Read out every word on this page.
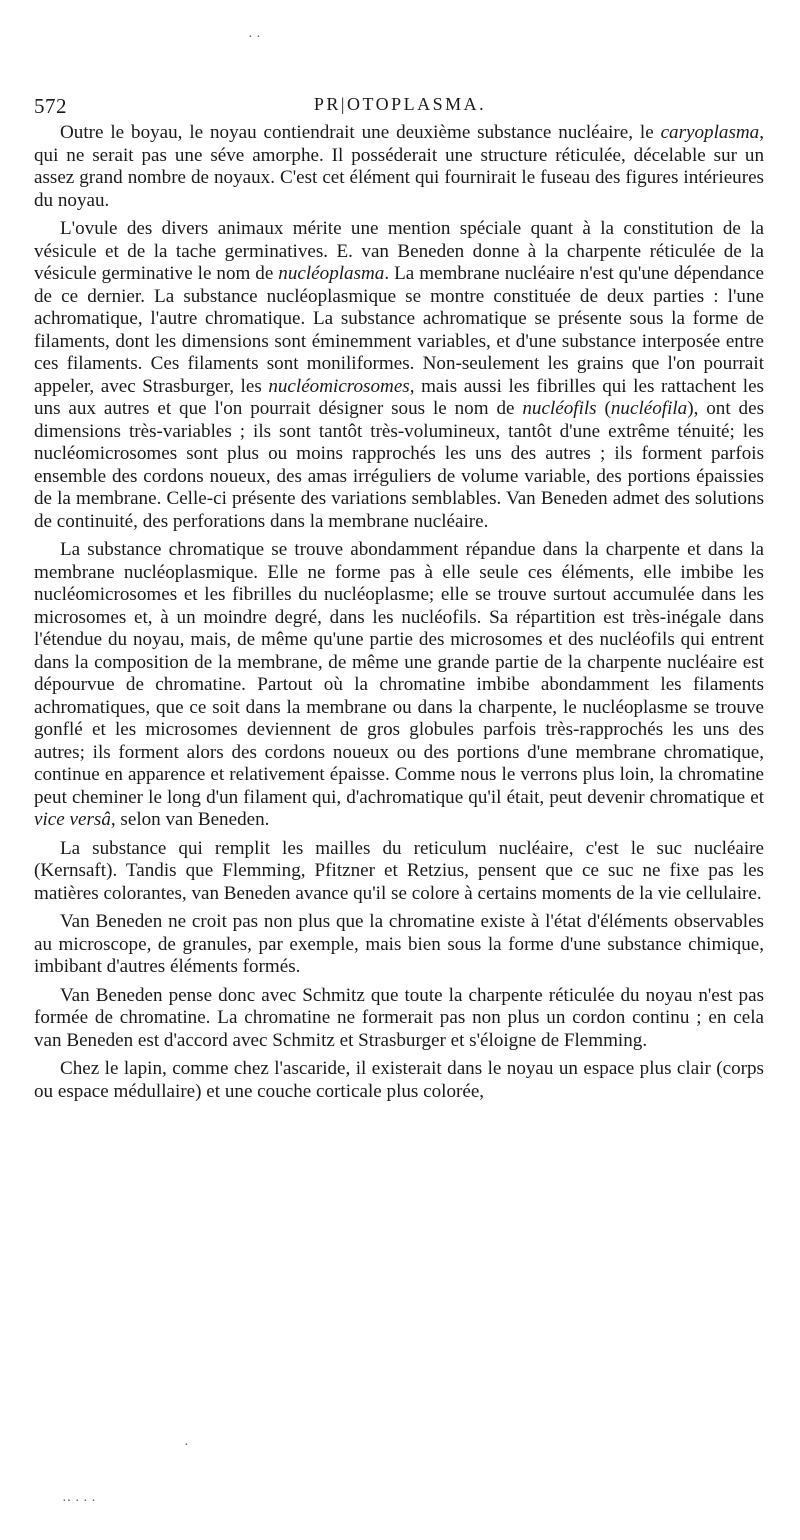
· ·
572	PR|OTOPLASMA.

Outre le boyau, le noyau contiendrait une deuxième substance nucléaire, le caryoplasma, qui ne serait pas une séve amorphe. Il posséderait une structure réticulée, décelable sur un assez grand nombre de noyaux. C'est cet élément qui fournirait le fuseau des figures intérieures du noyau.

L'ovule des divers animaux mérite une mention spéciale quant à la constitution de la vésicule et de la tache germinatives. E. van Beneden donne à la charpente réticulée de la vésicule germinative le nom de nucléoplasma. La membrane nucléaire n'est qu'une dépendance de ce dernier. La substance nucléoplasmique se montre constituée de deux parties : l'une achromatique, l'autre chromatique. La substance achromatique se présente sous la forme de filaments, dont les dimensions sont éminemment variables, et d'une substance interposée entre ces filaments. Ces filaments sont moniliformes. Non-seulement les grains que l'on pourrait appeler, avec Strasburger, les nucléomicrosomes, mais aussi les fibrilles qui les rattachent les uns aux autres et que l'on pourrait désigner sous le nom de nucléofils (nucléofila), ont des dimensions très-variables ; ils sont tantôt très-volumineux, tantôt d'une extrême ténuité; les nucléomicrosomes sont plus ou moins rapprochés les uns des autres ; ils forment parfois ensemble des cordons noueux, des amas irréguliers de volume variable, des portions épaissies de la membrane. Celle-ci présente des variations semblables. Van Beneden admet des solutions de continuité, des perforations dans la membrane nucléaire.

La substance chromatique se trouve abondamment répandue dans la charpente et dans la membrane nucléoplasmique. Elle ne forme pas à elle seule ces éléments, elle imbibe les nucléomicrosomes et les fibrilles du nucléoplasme; elle se trouve surtout accumulée dans les microsomes et, à un moindre degré, dans les nucléofils. Sa répartition est très-inégale dans l'étendue du noyau, mais, de même qu'une partie des microsomes et des nucléofils qui entrent dans la composition de la membrane, de même une grande partie de la charpente nucléaire est dépourvue de chromatine. Partout où la chromatine imbibe abondamment les filaments achromatiques, que ce soit dans la membrane ou dans la charpente, le nucléoplasme se trouve gonflé et les microsomes deviennent de gros globules parfois très-rapprochés les uns des autres; ils forment alors des cordons noueux ou des portions d'une membrane chromatique, continue en apparence et relativement épaisse. Comme nous le verrons plus loin, la chromatine peut cheminer le long d'un filament qui, d'achromatique qu'il était, peut devenir chromatique et vice versâ, selon van Beneden.

La substance qui remplit les mailles du reticulum nucléaire, c'est le suc nucléaire (Kernsaft). Tandis que Flemming, Pfitzner et Retzius, pensent que ce suc ne fixe pas les matières colorantes, van Beneden avance qu'il se colore à certains moments de la vie cellulaire.

Van Beneden ne croit pas non plus que la chromatine existe à l'état d'éléments observables au microscope, de granules, par exemple, mais bien sous la forme d'une substance chimique, imbibant d'autres éléments formés.

Van Beneden pense donc avec Schmitz que toute la charpente réticulée du noyau n'est pas formée de chromatine. La chromatine ne formerait pas non plus un cordon continu ; en cela van Beneden est d'accord avec Schmitz et Strasburger et s'éloigne de Flemming.

Chez le lapin, comme chez l'ascaride, il existerait dans le noyau un espace plus clair (corps ou espace médullaire) et une couche corticale plus colorée,

·
·· · · ·
